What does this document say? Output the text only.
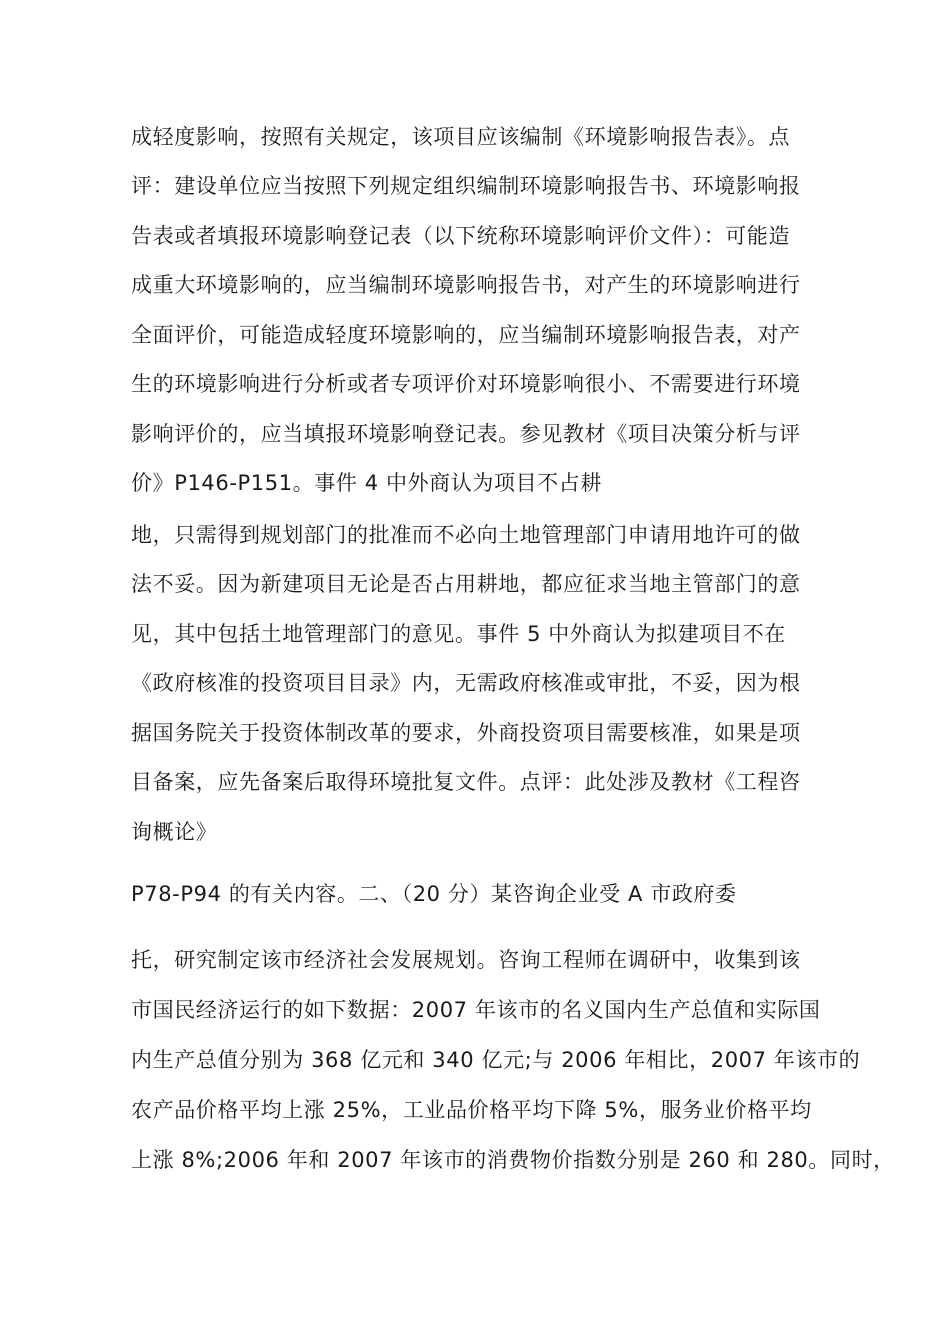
成轻度影响，按照有关规定，该项目应该编制《环境影响报告表》。点

评：建设单位应当按照下列规定组织编制环境影响报告书、环境影响报

告表或者填报环境影响登记表（以下统称环境影响评价文件）：可能造

成重大环境影响的，应当编制环境影响报告书，对产生的环境影响进行

全面评价，可能造成轻度环境影响的，应当编制环境影响报告表，对产

生的环境影响进行分析或者专项评价对环境影响很小、不需要进行环境

影响评价的，应当填报环境影响登记表。参见教材《项目决策分析与评

价》P146-P151。事件 4 中外商认为项目不占耕

地，只需得到规划部门的批准而不必向土地管理部门申请用地许可的做

法不妥。因为新建项目无论是否占用耕地，都应征求当地主管部门的意

见，其中包括土地管理部门的意见。事件 5 中外商认为拟建项目不在

《政府核准的投资项目目录》内，无需政府核准或审批，不妥，因为根

据国务院关于投资体制改革的要求，外商投资项目需要核准，如果是项

目备案，应先备案后取得环境批复文件。点评：此处涉及教材《工程咨

询概论》

P78-P94 的有关内容。二、（20 分）某咨询企业受 A 市政府委

托，研究制定该市经济社会发展规划。咨询工程师在调研中，收集到该

市国民经济运行的如下数据：2007 年该市的名义国内生产总值和实际国

内生产总值分别为 368 亿元和 340 亿元;与 2006 年相比，2007 年该市的

农产品价格平均上涨 25%，工业品价格平均下降 5%，服务业价格平均

上涨 8%;2006 年和 2007 年该市的消费物价指数分别是 260 和 280。同时，
